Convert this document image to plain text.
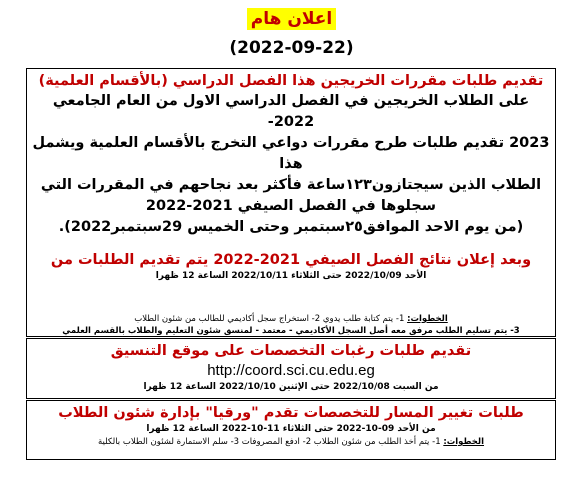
اعلان هام
(2022-09-22)
تقديم طلبات مقررات الخريجين هذا الفصل الدراسي (بالأقسام العلمية)
على الطلاب الخريجين في الفصل الدراسي الاول من العام الجامعي 2022-
2023 تقديم طلبات طرح مقررات دواعي التخرج بالأقسام العلمية ويشمل هذا
الطلاب الذين سيجتازون١٢٣ساعة فأكثر بعد نجاحهم في المقررات التي
سجلوها في الفصل الصيفي 2021-2022
(من يوم الاحد الموافق٢٥سبتمبر وحتى الخميس 29سبتمبر2022).
وبعد إعلان نتائج الفصل الصيفي 2021-2022 يتم تقديم الطلبات من
الأحد 2022/10/09 حتى الثلاثاء 2022/10/11 الساعة 12 ظهرا
الخطوات: 1- يتم كتابة طلب يدوي 2- استخراج سجل أكاديمي للطالب من شئون الطلاب
3- يتم تسليم الطلب مرفق معه أصل السجل الأكاديمي - معتمد - لمنسق شئون التعليم والطلاب بالقسم العلمي
تقديم طلبات رغبات التخصصات على موقع التنسيق
http://coord.sci.cu.edu.eg
من السبت 2022/10/08 حتى الإثنين 2022/10/10 الساعة 12 ظهرا
طلبات تغيير المسار للتخصصات تقدم "ورقيا" بإدارة شئون الطلاب
من الأحد 09-10-2022 حتى الثلاثاء 11-10-2022 الساعة 12 ظهرا
الخطوات: 1- يتم أخذ الطلب من شئون الطلاب 2- ادفع المصروفات 3- سلم الاستمارة لشئون الطلاب بالكلية
